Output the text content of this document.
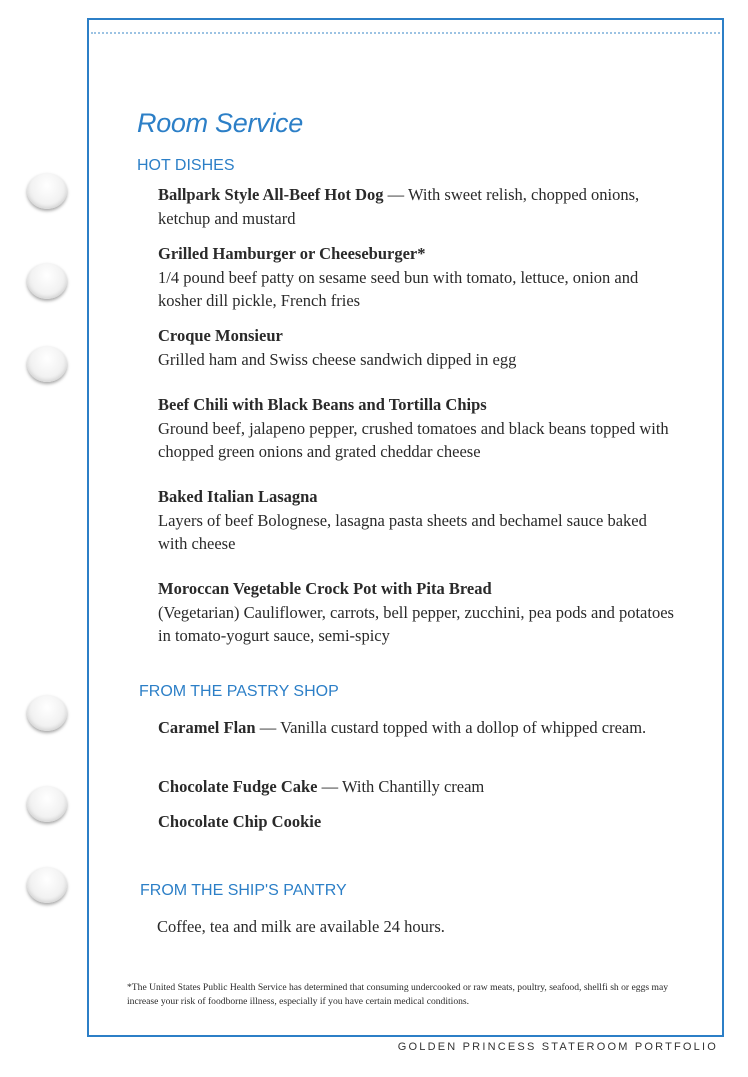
Room Service
HOT DISHES
Ballpark Style All-Beef Hot Dog — With sweet relish, chopped onions, ketchup and mustard
Grilled Hamburger or Cheeseburger*
1/4 pound beef patty on sesame seed bun with tomato, lettuce, onion and kosher dill pickle, French fries
Croque Monsieur
Grilled ham and Swiss cheese sandwich dipped in egg
Beef Chili with Black Beans and Tortilla Chips
Ground beef, jalapeno pepper, crushed tomatoes and black beans topped with chopped green onions and grated cheddar cheese
Baked Italian Lasagna
Layers of beef Bolognese, lasagna pasta sheets and bechamel sauce baked with cheese
Moroccan Vegetable Crock Pot with Pita Bread
(Vegetarian) Cauliflower, carrots, bell pepper, zucchini, pea pods and potatoes in tomato-yogurt sauce, semi-spicy
FROM THE PASTRY SHOP
Caramel Flan — Vanilla custard topped with a dollop of whipped cream.
Chocolate Fudge Cake — With Chantilly cream
Chocolate Chip Cookie
FROM THE SHIP'S PANTRY
Coffee, tea and milk are available 24 hours.

*The United States Public Health Service has determined that consuming undercooked or raw meats, poultry, seafood, shellfi sh or eggs may increase your risk of foodborne illness, especially if you have certain medical conditions.

GOLDEN PRINCESS STATEROOM PORTFOLIO
